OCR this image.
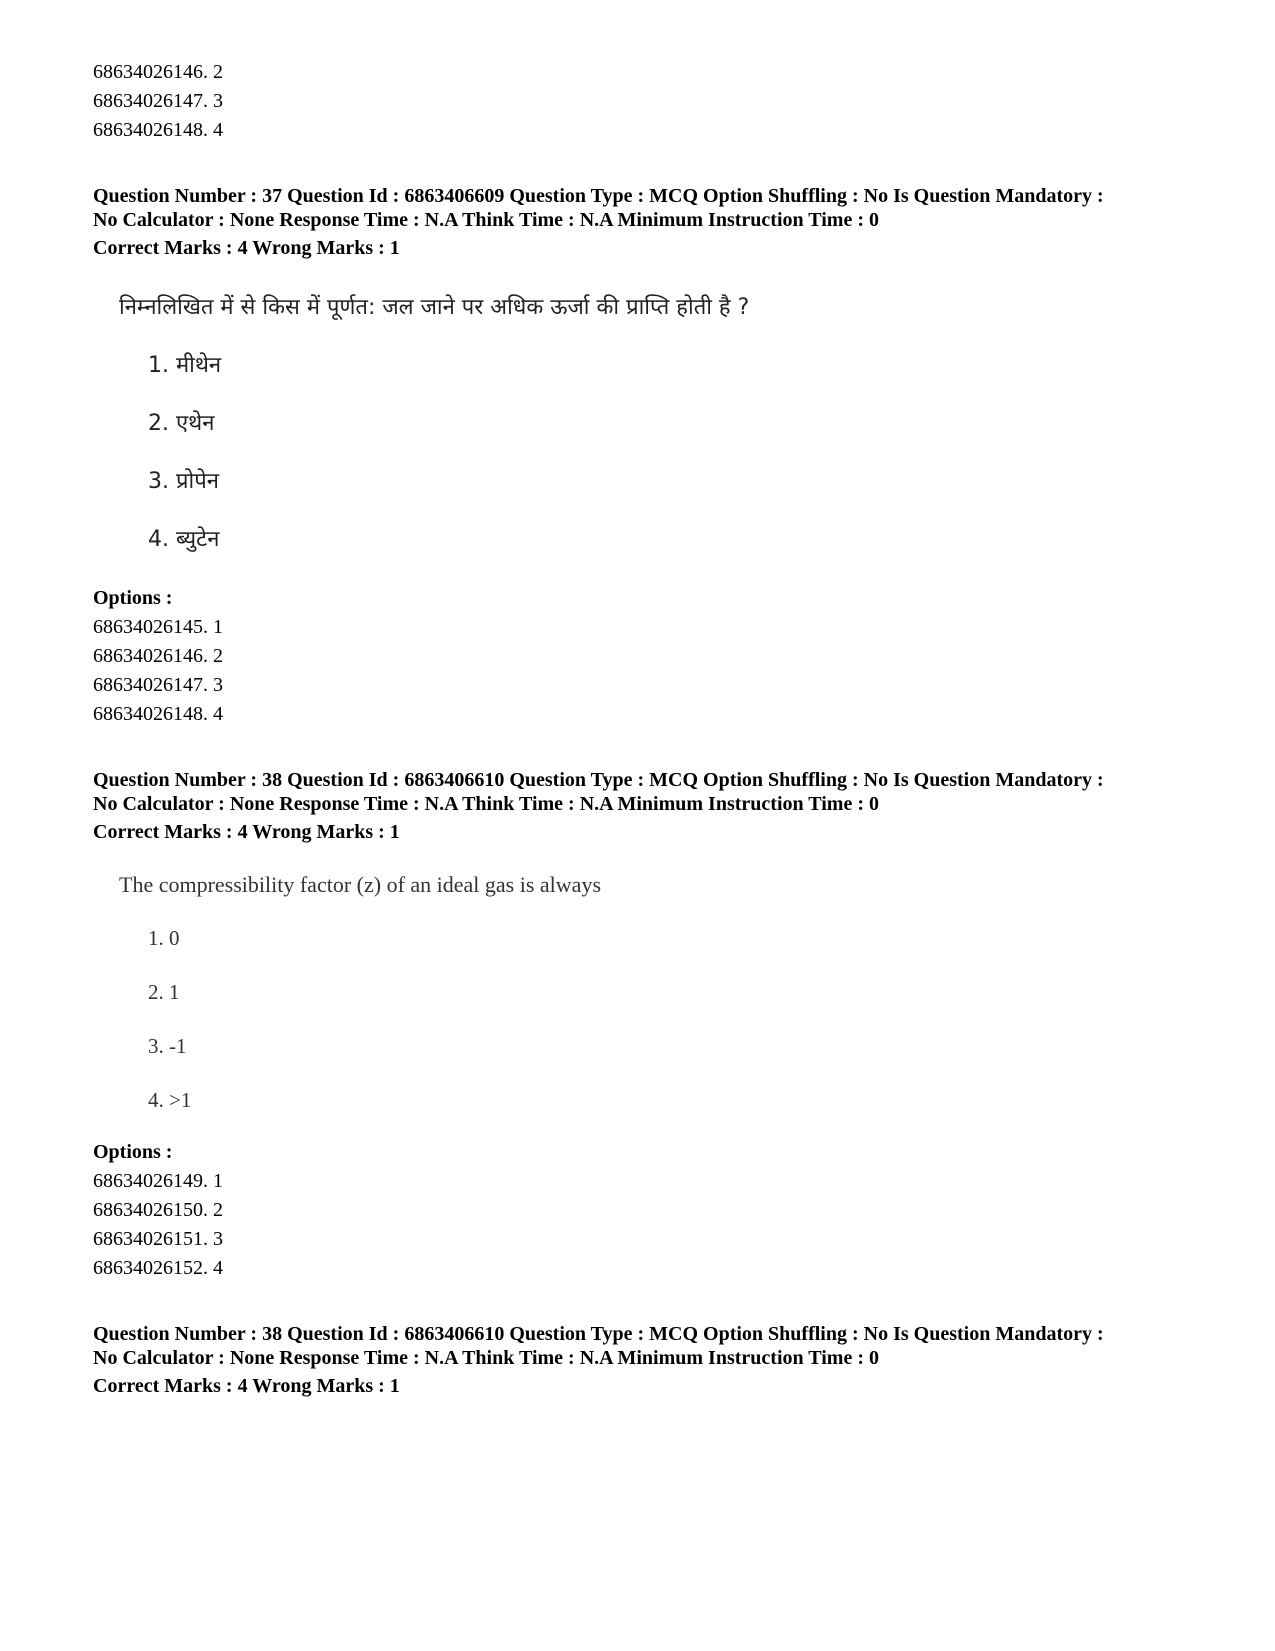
68634026146. 2
68634026147. 3
68634026148. 4
Question Number : 37 Question Id : 6863406609 Question Type : MCQ Option Shuffling : No Is Question Mandatory :
No Calculator : None Response Time : N.A Think Time : N.A Minimum Instruction Time : 0
Correct Marks : 4 Wrong Marks : 1
निम्नलिखित में से किस में पूर्णत: जल जाने पर अधिक ऊर्जा की प्राप्ति होती है ?
1. मीथेन
2. एथेन
3. प्रोपेन
4. ब्युटेन
Options :
68634026145. 1
68634026146. 2
68634026147. 3
68634026148. 4
Question Number : 38 Question Id : 6863406610 Question Type : MCQ Option Shuffling : No Is Question Mandatory :
No Calculator : None Response Time : N.A Think Time : N.A Minimum Instruction Time : 0
Correct Marks : 4 Wrong Marks : 1
The compressibility factor (z) of an ideal gas is always
1. 0
2. 1
3. -1
4. >1
Options :
68634026149. 1
68634026150. 2
68634026151. 3
68634026152. 4
Question Number : 38 Question Id : 6863406610 Question Type : MCQ Option Shuffling : No Is Question Mandatory :
No Calculator : None Response Time : N.A Think Time : N.A Minimum Instruction Time : 0
Correct Marks : 4 Wrong Marks : 1
